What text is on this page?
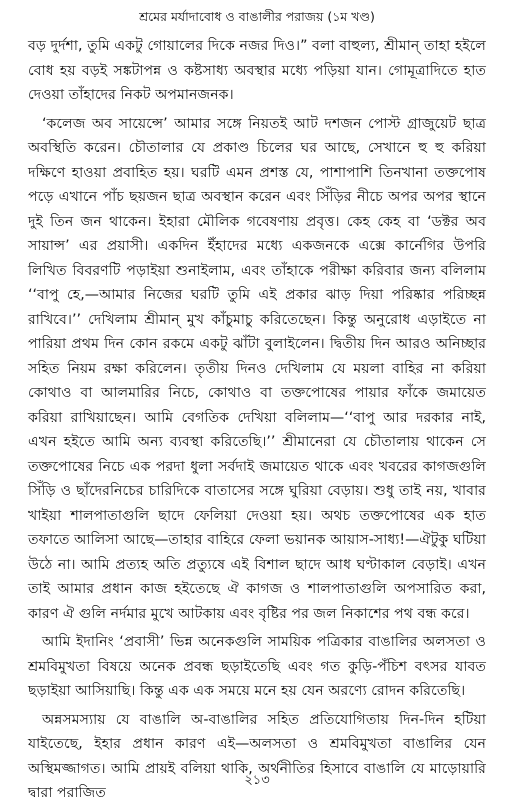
শ্রমের মর্যাদাবোধ ও বাঙালীর পরাজয় (১ম খণ্ড)

বড় দুর্দশা, তুমি একটু গোয়ালের দিকে নজর দিও।” বলা বাহুল্য, শ্রীমান্ তাহা হইলে বোধ হয় বড়ই সঙ্কটাপন্ন ও কষ্টসাধ্য অবস্থার মধ্যে পড়িয়া যান। গোমূত্রাদিতে হাত দেওয়া তাঁহাদের নিকট অপমানজনক।

‘কলেজ অব সায়েন্সে’ আমার সঙ্গে নিয়তই আট দশজন পোস্ট গ্রাজুয়েট ছাত্র অবস্থিতি করেন। চৌতালার যে প্রকাণ্ড চিলের ঘর আছে, সেখানে হু হু করিয়া দক্ষিণে হাওয়া প্রবাহিত হয়। ঘরটি এমন প্রশস্ত যে, পাশাপাশি তিনখানা তক্তপোষ পড়ে এখানে পাঁচ ছয়জন ছাত্র অবস্থান করেন এবং সিঁড়ির নীচে অপর অপর স্থানে দুই তিন জন থাকেন। ইহারা মৌলিক গবেষণায় প্রবৃত্ত। কেহ কেহ বা ‘ডক্টর অব সায়ান্স’ এর প্রয়াসী। একদিন ইঁহাদের মধ্যে একজনকে এক্সে কার্নেগির উপরি লিখিত বিবরণটি পড়াইয়া শুনাইলাম, এবং তাঁহাকে পরীক্ষা করিবার জন্য বলিলাম ‘‘বাপু হে,—আমার নিজের ঘরটি তুমি এই প্রকার ঝাড় দিয়া পরিষ্কার পরিচ্ছন্ন রাখিবে।’’ দেখিলাম শ্রীমান্ মুখ কাঁচুমাচু করিতেছেন। কিন্তু অনুরোধ এড়াইতে না পারিয়া প্রথম দিন কোন রকমে একটু ঝাঁটা বুলাইলেন। দ্বিতীয় দিন আরও অনিচ্ছার সহিত নিয়ম রক্ষা করিলেন। তৃতীয় দিনও দেখিলাম যে ময়লা বাহির না করিয়া কোথাও বা আলমারির নিচে, কোথাও বা তক্তপোষের পায়ার ফাঁকে জমায়েত করিয়া রাখিয়াছেন। আমি বেগতিক দেখিয়া বলিলাম—‘‘বাপু আর দরকার নাই, এখন হইতে আমি অন্য ব্যবস্থা করিতেছি।’’ শ্রীমানেরা যে চৌতালায় থাকেন সে তক্তপোষের নিচে এক পরদা ধুলা সর্বদাই জমায়েত থাকে এবং খবরের কাগজগুলি সিঁড়ি ও ছাঁদেরনিচের চারিদিকে বাতাসের সঙ্গে ঘুরিয়া বেড়ায়। শুধু তাই নয়, খাবার খাইয়া শালপাতাগুলি ছাদে ফেলিয়া দেওয়া হয়। অথচ তক্তপোষের এক হাত তফাতে আলিসা আছে—তাহার বাহিরে ফেলা ভয়ানক আয়াস-সাধ্য!—ঐটুকু ঘটিয়া উঠে না। আমি প্রত্যহ অতি প্রত্যুষে এই বিশাল ছাদে আধ ঘণ্টাকাল বেড়াই। এখন তাই আমার প্রধান কাজ হইতেছে ঐ কাগজ ও শালপাতাগুলি অপসারিত করা, কারণ ঐ গুলি নর্দমার মুখে আটকায় এবং বৃষ্টির পর জল নিকাশের পথ বন্ধ করে।

আমি ইদানিং ‘প্রবাসী’ ভিন্ন অনেকগুলি সাময়িক পত্রিকার বাঙালির অলসতা ও শ্রমবিমুখতা বিষয়ে অনেক প্রবন্ধ ছড়াইতেছি এবং গত কুড়ি-পঁচিশ বৎসর যাবত ছড়াইয়া আসিয়াছি। কিন্তু এক এক সময়ে মনে হয় যেন অরণ্যে রোদন করিতেছি।

অন্নসমস্যায় যে বাঙালি অ-বাঙালির সহিত প্রতিযোগিতায় দিন-দিন হটিয়া যাইতেছে, ইহার প্রধান কারণ এই—অলসতা ও শ্রমবিমুখতা বাঙালির যেন অস্থিমজ্জাগত। আমি প্রায়ই বলিয়া থাকি, অর্থনীতির হিসাবে বাঙালি যে মাড়োয়ারি দ্বারা পরাজিত

২১৩
